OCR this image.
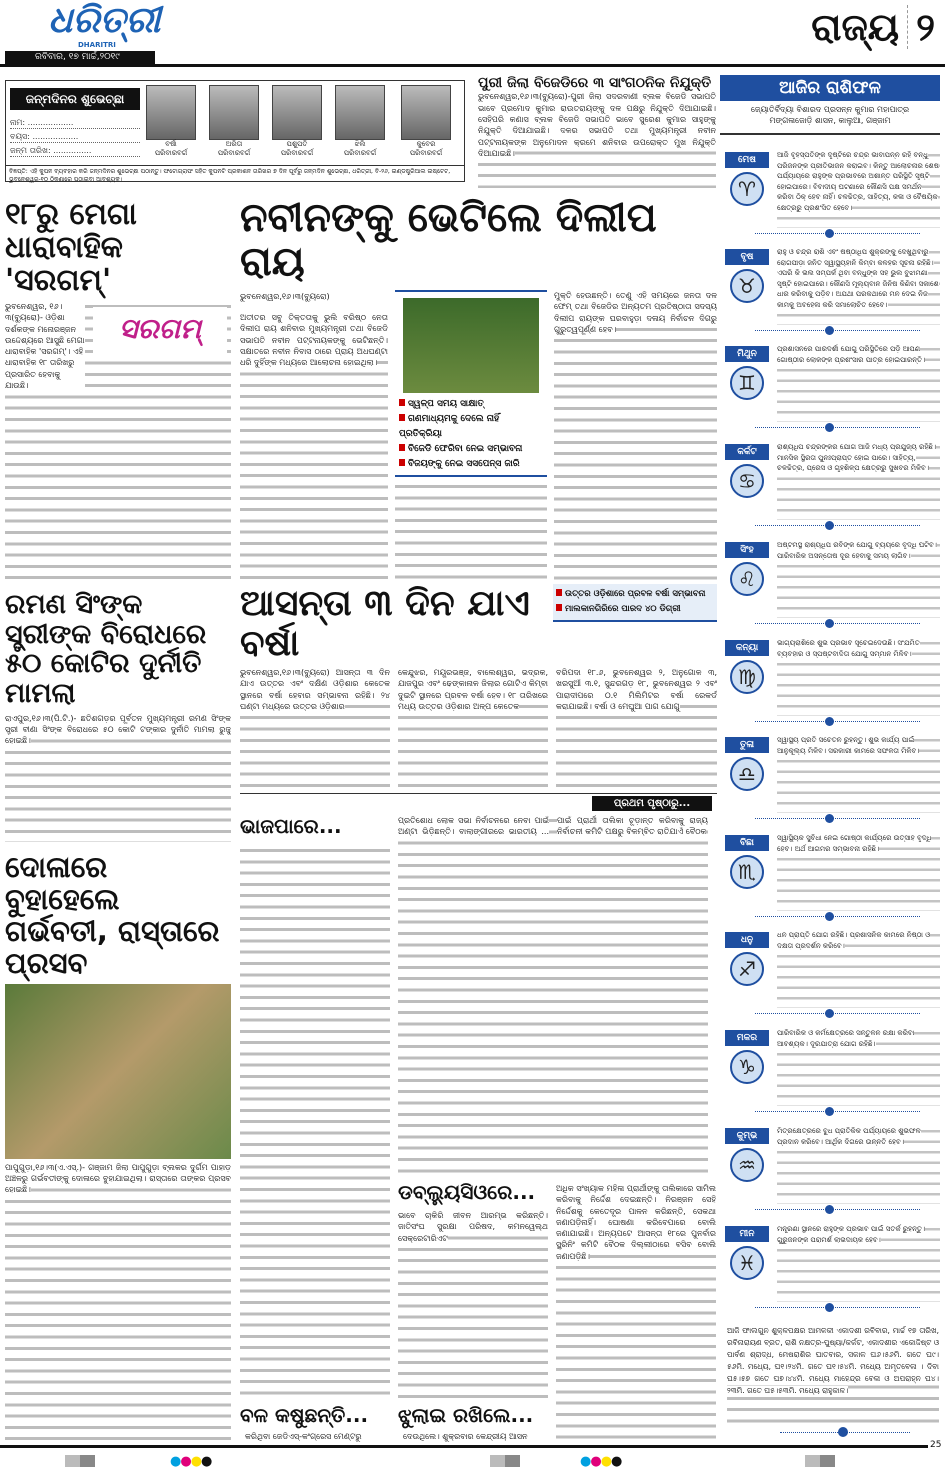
ଧରିତ୍ରୀ
DHARITRI
ରବିବାର, ୧୭ ମାର୍ଚ୍ଚ,୨୦୧୯
ରାଜ୍ୟ ୨
ଜନ୍ମଦିନର ଶୁଭେଚ୍ଛା
ନାମ: ..................
ବୟସ: ..................
ଜନ୍ମ ତାରିଖ: ...............
ବର୍ଷା
ପରିବାରବର୍ଗ
ଅରିତା
ପରିବାରବର୍ଗ
ପଶୁପତି
ପରିବାରବର୍ଗ
ଝିଲି
ପରିବାରବର୍ଗ
କୁବେର
ପରିବାରବର୍ଗ
ବିଜ୍ଞପ୍ତି: ଏହି କୁପନ ବ୍ୟବହାର କରି ଜନ୍ମଦିନର ଶୁଭେଚ୍ଛା ପଠାନ୍ତୁ। ଫଟୋଗ୍ରାଫ ସହିତ କୁପନଟି ପ୍ରକାଶନ ତାରିଖର ୭ ଦିନ ପୂର୍ବରୁ ଜନ୍ମଦିନ ଶୁଭେଚ୍ଛା, ଧରିତ୍ରୀ, ବି-୨୬, ଇଣ୍ଡଷ୍ଟ୍ରିଆଲ ଇଷ୍ଟେଟ, ଭୁବନେଶ୍ୱର-୧୦ ଠିକଣାରେ ପଠାଇବା ଆବଶ୍ୟକ।
ପୁରୀ ଜିଲା ବିଜେଡିରେ ୩ ସାଂଗଠନିକ ନିଯୁକ୍ତି
ଭୁବନେଶ୍ୱର,୧୬।୩(ବ୍ୟୁରୋ)-ପୁରୀ ଜିଲା ସଦରବାଣୀ ବ୍ଲକ ବିଜେଡି ସଭାପତି ଭାବେ ପ୍ରମୋଦ କୁମାର ରାଉତରାୟଙ୍କୁ ଦଳ ପକ୍ଷରୁ ନିଯୁକ୍ତି ଦିଆଯାଇଛି। ସେହିପରି କଣାସ ବ୍ଲକ ବିଜେଡି ସଭାପତି ଭାବେ ସୁରେଶ କୁମାର ସାହୁଙ୍କୁ ନିଯୁକ୍ତି ଦିଆଯାଇଛି। ଦଳର ସଭାପତି ତଥା ମୁଖ୍ୟମନ୍ତ୍ରୀ ନବୀନ ପଟ୍ଟନାୟକଙ୍କ ଅନୁମୋଦନ କ୍ରମେ ଶନିବାର ଉପରୋକ୍ତ ମୁଖ ନିଯୁକ୍ତି ଦିଆଯାଇଛି।
ଆଜିର ରାଶିଫଳ
ଜ୍ୟୋତିର୍ବିଦ୍ୟା ବିଶାରଦ ପ୍ରସନ୍ନ କୁମାର ମହାପାତ୍ର
ମଙ୍ଗଳାଜୋଡ଼ି ଶାସନ, କାଲୁଆ, ଗଞ୍ଜାମ
ମେଷ
♈
ଆଜି ବୃହସ୍ପତିଙ୍କ ଦୃଷ୍ଟିରେ ଚନ୍ଦ୍ର ଭାବାପନ୍ନ ରହି ବନ୍ଧୁ ପରିଜନଙ୍କ ପ୍ରୀତିଭାଜନ କରାଇବ। କିନ୍ତୁ ଆଲୋଚନାର ଶେଷ ପର୍ଯ୍ୟାୟରେ ରାହୁଙ୍କ ପ୍ରଭାବରେ ଅଶାନ୍ତ ପରିସ୍ଥିତି ସୃଷ୍ଟି ହୋଇପାରେ। ବିବାଦୀୟ ଘଟଣାରେ କୌଣସି ପକ୍ଷ ସମର୍ଥନ କରିବା ଠିକ୍ ହେବ ନାହିଁ। ଚଳଚ୍ଚିତ୍ର, ସାହିତ୍ୟ, କଳା ଓ ବୈଷୟିକ କ୍ଷେତ୍ରରୁ ପ୍ରଶଂସିତ ହେବେ।
ବୃଷ
♉
ରାହୁ ଓ ଚନ୍ଦ୍ର ରାଶି ଏବଂ ଷଷ୍ଠାଧିପ ଶୁକ୍ରଙ୍କୁ ଦେଖୁଥିବାରୁ ରୋଗପୀଡ଼ା ଜନିତ ସ୍ୱାସ୍ଥ୍ୟହାନି କିମ୍ବା କଳହର ସୂଚନା ରହିଛି। ଏପରି କି ଭଲ ସମ୍ପର୍କ ଥିବା ବନ୍ଧୁଙ୍କ ସହ ଭୁଲ ବୁଝାମଣା ସୃଷ୍ଟି ହୋଇପାରେ। କୌଣସି ମୂଲ୍ୟବାନ ଜିନିଷ କିଣିବା ସକାଶେ ଧାର କରିବାକୁ ପଡ଼ିବ। ଅଯଥା ପରକଥାରେ ମନ ଦେଇ ନିଜ କାମକୁ ଅବହେଳା କରି ସମାଲୋଚିତ ହେବେ।
ମିଥୁନ
♊
ପ୍ରଶାସନରେ ପାରଦର୍ଶୀ ଯୋଗୁ ପରିସ୍ଥିତିରେ ପଡ଼ି ଆପଣ ଗୋଷ୍ଠୀର ଲୋକଙ୍କ ପ୍ରଶଂସାର ପାତ୍ର ହୋଇପାରନ୍ତି।
କର୍କଟ
♋
ରାଶ୍ୟଧିପ ଚନ୍ଦ୍ରଙ୍କର ଯୋଗ ଆଜି ମଧ୍ୟ ପ୍ରଯୁଜ୍ୟ ରହିଛି। ମାନସିକ ସ୍ଥିରତା ପୁନଃପ୍ରାପ୍ତ ହୋଇ ପାରେ। ସାହିତ୍ୟ, ଚଳଚ୍ଚିତ୍ର, ପ୍ରେସ ଓ ଗୃହଶିଳ୍ପ କ୍ଷେତ୍ରରୁ ସୁଖବର ମିଳିବ।
ସିଂହ
♌
ଅଷ୍ଟମସ୍ଥ ରାଶ୍ୟଧିପ ରବିଙ୍କ ଯୋଗୁ ବ୍ୟୟରେ ବୃଦ୍ଧି ଘଟିବ। ପାରିବାରିକ ଅସନ୍ତୋଷ ଦୂର ହେବାକୁ ସମୟ ଲାଗିବ।
କନ୍ୟା
♍
ଭାଗ୍ୟରାଶିରେ ଶୁଭ ପ୍ରଭାବ ସୂଚେଇଦେଉଛି। ସଂଯମିତ ବ୍ୟବହାର ଓ ସ୍ପଷ୍ଟବାଦିତା ଯୋଗୁ ସମ୍ମାନ ମିଳିବ।
ତୁଳା
♎
ସ୍ୱାସ୍ଥ୍ୟ ପ୍ରତି ସଚେତନ ରୁହନ୍ତୁ। ଶୁଭ କାର୍ଯ୍ୟ ପାଇଁ ଆନୁକୂଲ୍ୟ ମିଳିବ। ସରକାରୀ କାମରେ ସଫଳତା ମିଳିବ।
ବିଛା
♏
ସ୍ୱାସ୍ଥ୍ୟିକ ସୁବିଧା ନେଇ ଗୋଷ୍ଠୀ କାର୍ଯ୍ୟରେ ଉତ୍ସାହ ବୃଦ୍ଧି ହେବ। ଅର୍ଥ ଆଗମର ସମ୍ଭାବନା ରହିଛି।
ଧନୁ
♐
ଧନ ପ୍ରାପ୍ତି ଯୋଗ ରହିଛି। ପ୍ରଶାସନିକ କାମରେ ନିଷ୍ଠା ଓ ଦକ୍ଷତା ପ୍ରଦର୍ଶନ କରିବେ।
ମକର
♑
ପାରିବାରିକ ଓ କର୍ମକ୍ଷେତ୍ରରେ ସନ୍ତୁଳନ ରକ୍ଷା କରିବା ଆବଶ୍ୟକ। ଦୂରଯାତ୍ରା ଯୋଗ ରହିଛି।
କୁମ୍ଭ
♒
ମିତ୍ରକ୍ଷେତ୍ରରେ ବୁଧ ପ୍ରାତିକିକ ପର୍ଯ୍ୟାୟରେ ଶୁଭଫଳ ପ୍ରଦାନ କରିବେ। ଆର୍ଥିକ ଦିଗରେ ଉନ୍ନତି ହେବ।
ମୀନ
♓
ମନ୍ତ୍ରଣା ସ୍ଥାନରେ ରାହୁଙ୍କ ପ୍ରଭାବ ପାଇଁ ସତର୍କ ରୁହନ୍ତୁ। ଗୁରୁଜନଙ୍କ ପରାମର୍ଶ ଲାଭଦାୟକ ହେବ।
ଆଜି ଫାଲଗୁନ ଶୁକ୍ଳପକ୍ଷର ଆମଳକୀ ଏକାଦଶୀ ରବିବାର, ମାର୍ଚ୍ଚ ୧୭ ତାରିଖ, ରବିନାରାୟଣ ବ୍ରତ, ରାଶି ନକ୍ଷତ୍ର-ପୁଷ୍ୟା/କର୍କଟ, ଏକାଦଶୀର ଏକୋଦ୍ଦିଷ୍ଟ ଓ ପାର୍ବଣ ଶ୍ରାଦ୍ଧ, ମେଷରାଶିର ଘାତବାର, ସକାଳ ଘ୬।୫୬ମି. ଗତେ ଘ୯।୫୬ମି. ମଧ୍ୟେ, ଘ୧।୨୪ମି. ଗତେ ଘ୧।୫୪ମି. ମଧ୍ୟେ ଅମୃତବେଳା । ଦିବା ଘ୫।୫୭ ଗତେ ଘ୭।୪୪ମି. ମଧ୍ୟେ ମାହେନ୍ଦ୍ର ବେଳା ଓ ଅପରାହ୍ନ ଘ୪।୨୩ମି. ଗତେ ଘ୫।୫୩ମି. ମଧ୍ୟେ ରାହୁକାଳ।
୧୮ରୁ ମେଗା ଧାରାବାହିକ 'ସରଗମ୍'
ଭୁବନେଶ୍ୱର, ୧୬।୩(ବ୍ୟୁରୋ)- ଓଡ଼ିଶା ଦର୍ଶକଙ୍କ ମନୋରଞ୍ଜନ ଉଦ୍ଦେଶ୍ୟରେ ଆସୁଛି ମେଗା ଧାରାବାହିକ 'ସରଗମ୍'। ଏହି ଧାରାବାହିକ ୧୮ ତାରିଖରୁ ପ୍ରସାରିତ ହେବାକୁ ଯାଉଛି।
ସରଗମ୍
ନବୀନଙ୍କୁ ଭେଟିଲେ ଦିଲୀପ ରାୟ
ଭୁବନେଶ୍ୱର,୧୬।୩(ବ୍ୟୁରୋ)
ଅତୀତର ସବୁ ତିକ୍ତତାକୁ ଭୁଲି ବରିଷ୍ଠ ନେତା ଦିଲୀପ ରାୟ ଶନିବାର ମୁଖ୍ୟମନ୍ତ୍ରୀ ତଥା ବିଜେଡି ସଭାପତି ନବୀନ ପଟ୍ଟନାୟକଙ୍କୁ ଭେଟିଛନ୍ତି। ସକ୍ଷାତରେ ନବୀନ ନିବାସ ଠାରେ ପ୍ରାୟ ଅଧଘଣ୍ଟା ଧରି ଦୁହିଁଙ୍କ ମଧ୍ୟରେ ଆଲୋଚନା ହୋଇଥିଲା।
ସ୍ୱଳ୍ପ ସମୟ ସାକ୍ଷାତ୍
ଗଣମାଧ୍ୟମକୁ ଦେଲେ ନାହିଁ ପ୍ରତିକ୍ରିୟା
ବିଜେଡି ଫେରିବା ନେଇ ସମ୍ଭାବନା
ବିଜୟଙ୍କୁ ନେଇ ସସପେନ୍ସ ଜାରି
ମୁକ୍ତି ହେଉଛନ୍ତି। ତେଣୁ ଏହି ସମୟରେ ଜନତା ଦଳ ଫେମ୍ ତଥା ବିଜେଡିର ଅନ୍ୟତମ ପ୍ରତିଷ୍ଠାତା ସଦସ୍ୟ ଦିଲୀପ ରାୟଙ୍କ ଘରବାହୁଡ଼ା ଦଳାୟ ନିର୍ବାଚନ ଦିଗରୁ ଗୁରୁତ୍ୱପୂର୍ଣ୍ଣ ହେବ।
ରମଣ ସିଂଙ୍କ ସ୍ତ୍ରୀଙ୍କ ବିରୋଧରେ ୫୦ କୋଟିର ଦୁର୍ନୀତି ମାମଲା
ରାଏପୁର,୧୬।୩(ପି.ଟି.)- ଛତିଶଗଡ଼ର ପୂର୍ବତନ ମୁଖ୍ୟମନ୍ତ୍ରୀ ରମଣ ସିଂଙ୍କ ସ୍ତ୍ରୀ ବୀଣା ସିଂଙ୍କ ବିରୋଧରେ ୫୦ କୋଟି ଟଙ୍କାର ଦୁର୍ନୀତି ମାମଲା ରୁଜୁ ହୋଇଛି।
ଆସନ୍ତା ୩ ଦିନ ଯାଏ ବର୍ଷା
ଉତ୍ତର ଓଡ଼ିଶାରେ ପ୍ରବଳ ବର୍ଷା ସମ୍ଭାବନା
ମାଲକାନଗିରିରେ ପାରଦ ୪୦ ଡିଗ୍ରୀ
ଭୁବନେଶ୍ୱର,୧୬।୩(ବ୍ୟୁରୋ) ଆସନ୍ତା ୩ ଦିନ ଯାଏ ଉତ୍ତର ଏବଂ ଦକ୍ଷିଣ ଓଡ଼ିଶାର କେତେକ ସ୍ଥାନରେ ବର୍ଷା ହେବାର ସମ୍ଭାବନା ରହିଛି। ୨୪ ଘଣ୍ଟା ମଧ୍ୟରେ ଉତ୍ତର ଓଡ଼ିଶାର
କେନ୍ଦୁଝର, ମୟୂରଭଞ୍ଜ, ବାଲେଶ୍ୱର, ଭଦ୍ରକ, ଯାଜପୁର ଏବଂ ଢେଙ୍କାନାଳ ଜିଲାର ଗୋଟିଏ କିମ୍ବା ଦୁଇଟି ସ୍ଥାନରେ ପ୍ରବଳ ବର୍ଷା ହେବ। ୧୮ ତାରିଖରେ ମଧ୍ୟ ଉତ୍ତର ଓଡ଼ିଶାର ଅଳ୍ପ କେତେକ
ବରିପଦା ୧୮.୬, ଭୁବନେଶ୍ୱର ୨, ଅନୁଗୋଳ ୩, ଖରସୁଆଁ ୩.୧, ସୁନ୍ଦରଗଡ଼ ୧୮, ଭୁବନେଶ୍ୱର ୨ ଏବଂ ପାରାଦୀପରେ ୦.୧ ମିଲିମିଟର ବର୍ଷା ରେକର୍ଡ କରାଯାଇଛି। ବର୍ଷା ଓ ମେଘୁଆ ପାଗ ଯୋଗୁ
ପ୍ରଥମ ପୃଷ୍ଠାରୁ...
ଦୋଳାରେ ବୁହାହେଲେ ଗର୍ଭବତୀ, ରାସ୍ତାରେ ପ୍ରସବ
ପାପୁଗୁଡ଼ା,୧୬।୩(ଏ.ଏସ୍.)- ଗଞ୍ଜାମ ଜିଲା ପାପୁଗୁଡ଼ା ବ୍ଲକର ଦୁର୍ଗମ ପାହାଡ଼ ଅଞ୍ଚଳରୁ ଗର୍ଭବତୀଙ୍କୁ ଦୋଳାରେ ବୁହାଯାଇଥିଲା। ରାସ୍ତାରେ ତାଙ୍କର ପ୍ରସବ ହୋଇଛି।
ଭାଜପାରେ...	ପ୍ରତିଶୋଧ ଲୋକ ସଭା ନିର୍ବାଚନରେ ନେବା ପାଇଁ ଅଣ୍ଟା ଭିଡ଼ିଛନ୍ତି। ବାଲାଙ୍ଗୀରରେ ଭାରତୀୟ ... ପାଇଁ ପ୍ରାର୍ଥୀ ତାଲିକା ଚୂଡ଼ାନ୍ତ କରିବାକୁ ରାଜ୍ୟ ନିର୍ବାଚନୀ କମିଟି ପକ୍ଷରୁ ବିଳମ୍ବିତ ରାତିଯାଏଁ ବୈଠକ
ଡବ୍ଲ୍ୟୁସିଓରେ...
ଭାବେ ଚାକିରି ଜୀବନ ଆରମ୍ଭ କରିଛନ୍ତି। ଜାତିସଂଘ ସୁରକ୍ଷା ପରିଷଦ, କମନୱେଲ୍ଥ ସେକ୍ରେଟାରିଏଟ
ଅଧିକ ସଂଖ୍ୟାକ ମହିଳା ପ୍ରାର୍ଥୀଙ୍କୁ ତାଲିକାରେ ସାମିଲ କରିବାକୁ ନିର୍ଦ୍ଦେଶ ଦେଇଛନ୍ତି। ନିରଞ୍ଜନ ସେହି ନିର୍ଦ୍ଦେଶକୁ କେତେଦୂର ପାଳନ କରିଛନ୍ତି, ସେକଥା ଜଣାପଡ଼ିନାହିଁ। ଘୋଷଣା କରିବେପାରେ ବୋଲି ଜଣାଯାଇଛି। ଅନ୍ୟପଟେ ଆସନ୍ତା ୧୮ରେ ପୁନର୍ବାର ସ୍କ୍ରିନିଂ କମିଟି ବୈଠକ ଦିଲ୍ଲୀଠାରେ ବସିବ ବୋଲି ଜଣାପଡ଼ିଛି।
ବଳ କଷୁଛନ୍ତି...
କରିଥିବା ଜେଡିଏସ୍-କଂଗ୍ରେସ ମେଣ୍ଟରୁ
ଝୁଲାଇ ରଖିଲେ...
ଦେଉଥିଲେ। ଶୁକ୍ରବାର କେନ୍ଦ୍ରୀୟ ଆସନ
25
●●●●	●●●●
